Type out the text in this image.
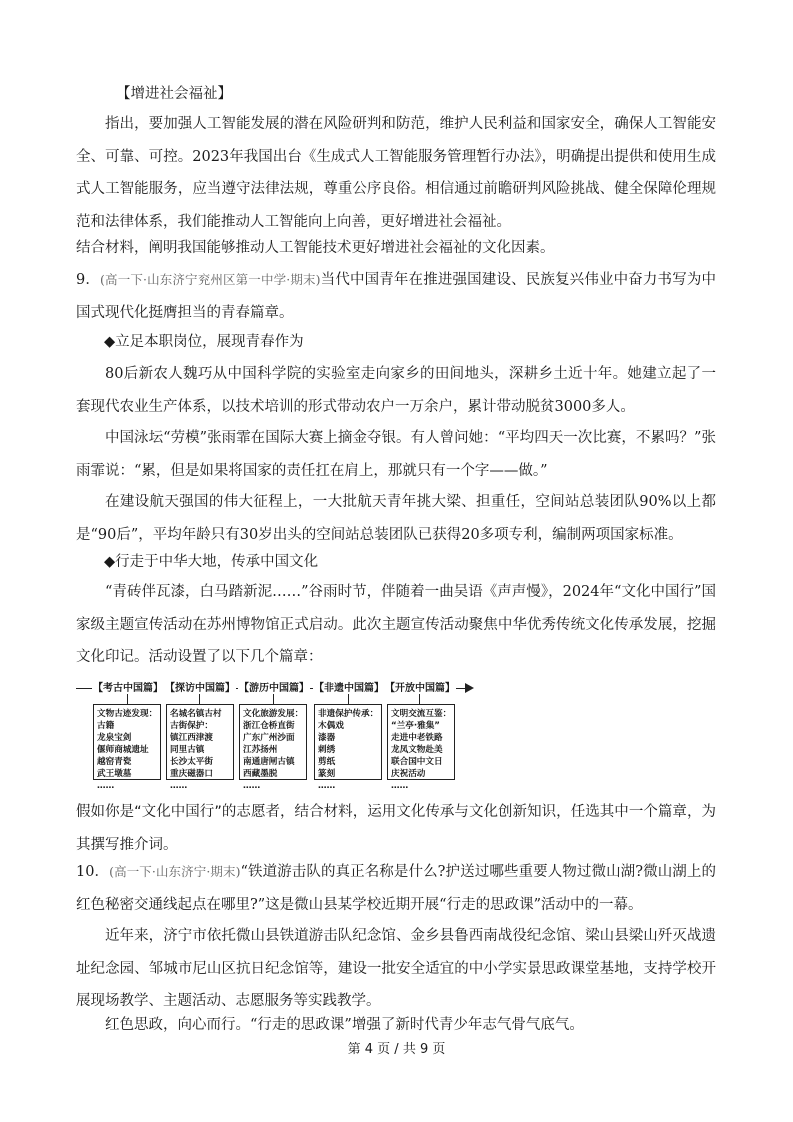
【增进社会福祉】

指出，要加强人工智能发展的潜在风险研判和防范，维护人民利益和国家安全，确保人工智能安全、可靠、可控。2023年我国出台《生成式人工智能服务管理暂行办法》，明确提出提供和使用生成式人工智能服务，应当遵守法律法规，尊重公序良俗。相信通过前瞻研判风险挑战、健全保障伦理规范和法律体系，我们能推动人工智能向上向善，更好增进社会福祉。

结合材料，阐明我国能够推动人工智能技术更好增进社会福祉的文化因素。

9．(高一下·山东济宁兖州区第一中学·期末)当代中国青年在推进强国建设、民族复兴伟业中奋力书写为中国式现代化挺膺担当的青春篇章。

◆立足本职岗位，展现青春作为

80后新农人魏巧从中国科学院的实验室走向家乡的田间地头，深耕乡土近十年。她建立起了一套现代农业生产体系，以技术培训的形式带动农户一万余户，累计带动脱贫3000多人。

中国泳坛“劳模”张雨霏在国际大赛上摘金夺银。有人曾问她：“平均四天一次比赛，不累吗？”张雨霏说：“累，但是如果将国家的责任扛在肩上，那就只有一个字——做。”

在建设航天强国的伟大征程上，一大批航天青年挑大梁、担重任，空间站总装团队90%以上都是“90后”，平均年龄只有30岁出头的空间站总装团队已获得20多项专利，编制两项国家标准。

◆行走于中华大地，传承中国文化

“青砖伴瓦漆，白马踏新泥……”谷雨时节，伴随着一曲吴语《声声慢》，2024年“文化中国行”国家级主题宣传活动在苏州博物馆正式启动。此次主题宣传活动聚焦中华优秀传统文化传承发展，挖掘文化印记。活动设置了以下几个篇章：

【考古中国篇】 【探访中国篇】 【游历中国篇】 【非遗中国篇】 【开放中国篇】
文物古迹发现：
古籍
龙泉宝剑
偃师商城遗址
越窑青瓷
武王墩墓
……
名城名镇古村
古街保护：
镇江西津渡
同里古镇
长沙太平街
重庆磁器口
……
文化旅游发展：
浙江仓桥直街
广东广州沙面
江苏扬州
南通唐闸古镇
西藏墨脱
……
非遗保护传承：
木偶戏
漆器
刺绣
剪纸
篆刻
……
文明交流互鉴：
“兰亭·雅集”
走进中老铁路
龙凤文物赴美
联合国中文日
庆祝活动
……

假如你是“文化中国行”的志愿者，结合材料，运用文化传承与文化创新知识，任选其中一个篇章，为其撰写推介词。

10．(高一下·山东济宁·期末)“铁道游击队的真正名称是什么?护送过哪些重要人物过微山湖?微山湖上的红色秘密交通线起点在哪里?”这是微山县某学校近期开展“行走的思政课”活动中的一幕。

近年来，济宁市依托微山县铁道游击队纪念馆、金乡县鲁西南战役纪念馆、梁山县梁山歼灭战遗址纪念园、邹城市尼山区抗日纪念馆等，建设一批安全适宜的中小学实景思政课堂基地，支持学校开展现场教学、主题活动、志愿服务等实践教学。

红色思政，向心而行。“行走的思政课”增强了新时代青少年志气骨气底气。

第 4 页 / 共 9 页
